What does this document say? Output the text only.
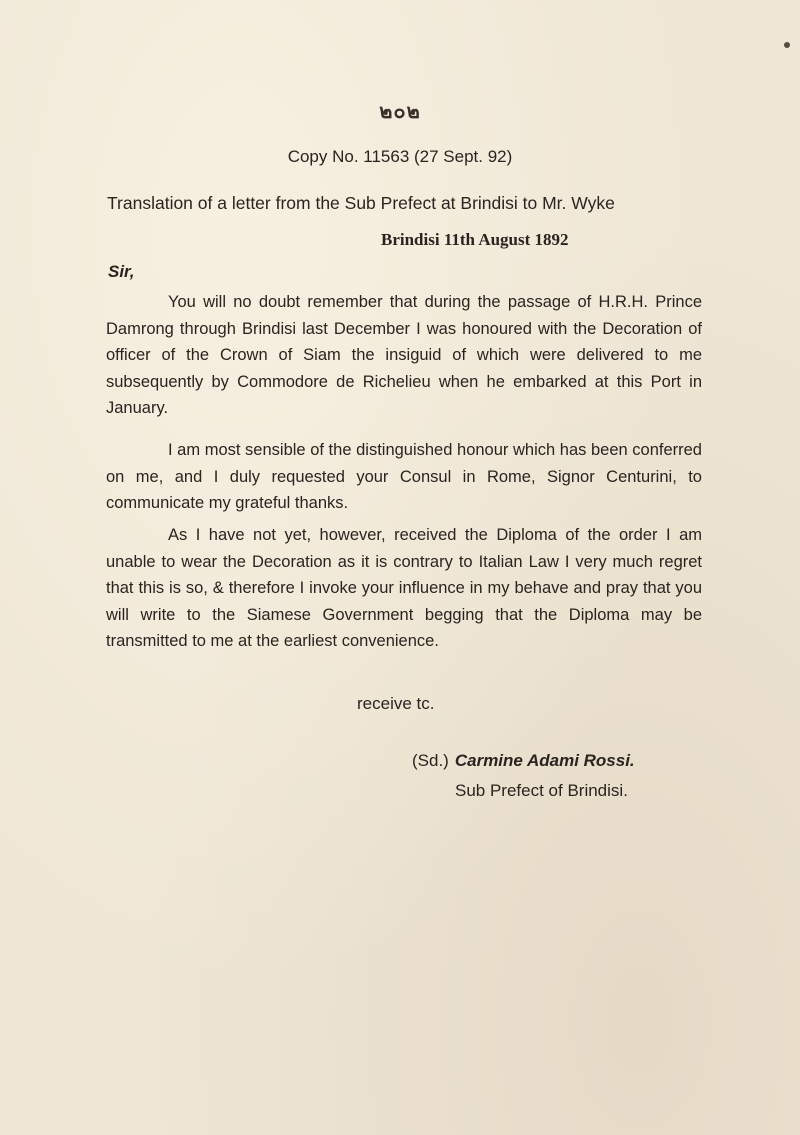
๒๐๒
Copy No. 11563 (27 Sept. 92)
Translation of a letter from the Sub Prefect at Brindisi to Mr. Wyke
Brindisi 11th August 1892
Sir,

You will no doubt remember that during the passage of H.R.H. Prince Damrong through Brindisi last December I was honoured with the Decoration of officer of the Crown of Siam the insiguid of which were delivered to me subsequently by Commodore de Richelieu when he embarked at this Port in January.

I am most sensible of the distinguished honour which has been conferred on me, and I duly requested your Consul in Rome, Signor Centurini, to communicate my grateful thanks.

As I have not yet, however, received the Diploma of the order I am unable to wear the Decoration as it is contrary to Italian Law I very much regret that this is so, & therefore I invoke your influence in my behave and pray that you will write to the Siamese Government begging that the Diploma may be transmitted to me at the earliest convenience.

receive tc.
(Sd.) Carmine Adami Rossi.
Sub Prefect of Brindisi.
